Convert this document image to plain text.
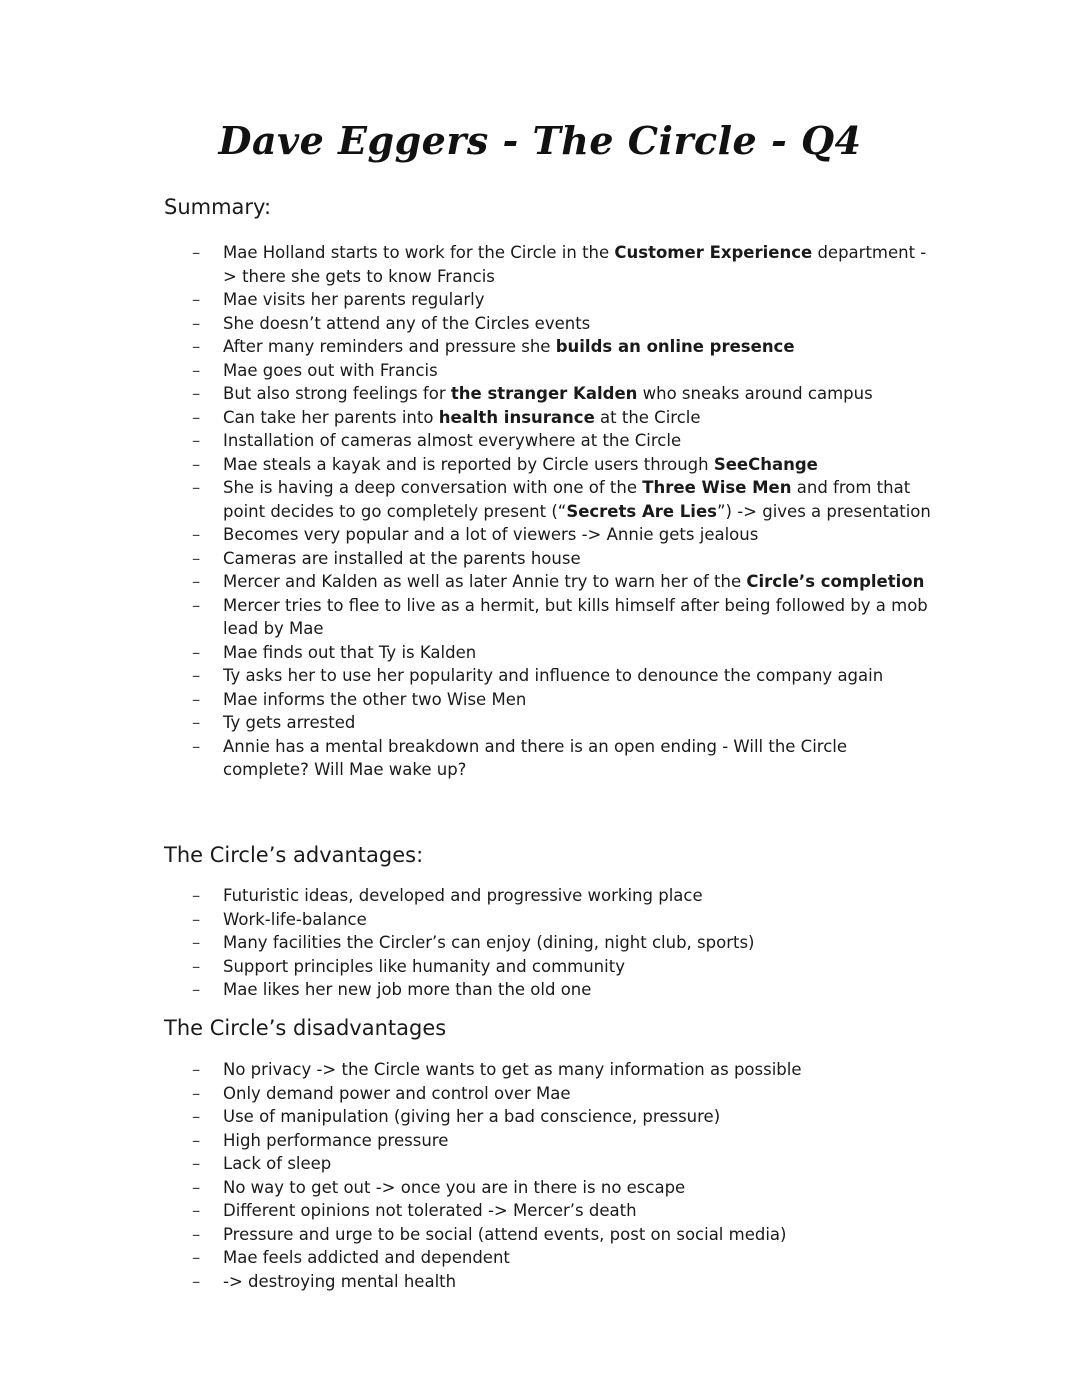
Dave Eggers - The Circle - Q4
Summary:
– Mae Holland starts to work for the Circle in the Customer Experience department -> there she gets to know Francis
– Mae visits her parents regularly
– She doesn’t attend any of the Circles events
– After many reminders and pressure she builds an online presence
– Mae goes out with Francis
– But also strong feelings for the stranger Kalden who sneaks around campus
– Can take her parents into health insurance at the Circle
– Installation of cameras almost everywhere at the Circle
– Mae steals a kayak and is reported by Circle users through SeeChange
– She is having a deep conversation with one of the Three Wise Men and from that point decides to go completely present (“Secrets Are Lies”) -> gives a presentation
– Becomes very popular and a lot of viewers -> Annie gets jealous
– Cameras are installed at the parents house
– Mercer and Kalden as well as later Annie try to warn her of the Circle’s completion
– Mercer tries to flee to live as a hermit, but kills himself after being followed by a mob lead by Mae
– Mae finds out that Ty is Kalden
– Ty asks her to use her popularity and influence to denounce the company again
– Mae informs the other two Wise Men
– Ty gets arrested
– Annie has a mental breakdown and there is an open ending - Will the Circle complete? Will Mae wake up?
The Circle’s advantages:
– Futuristic ideas, developed and progressive working place
– Work-life-balance
– Many facilities the Circler’s can enjoy (dining, night club, sports)
– Support principles like humanity and community
– Mae likes her new job more than the old one
The Circle’s disadvantages
– No privacy -> the Circle wants to get as many information as possible
– Only demand power and control over Mae
– Use of manipulation (giving her a bad conscience, pressure)
– High performance pressure
– Lack of sleep
– No way to get out -> once you are in there is no escape
– Different opinions not tolerated -> Mercer’s death
– Pressure and urge to be social (attend events, post on social media)
– Mae feels addicted and dependent
– -> destroying mental health
